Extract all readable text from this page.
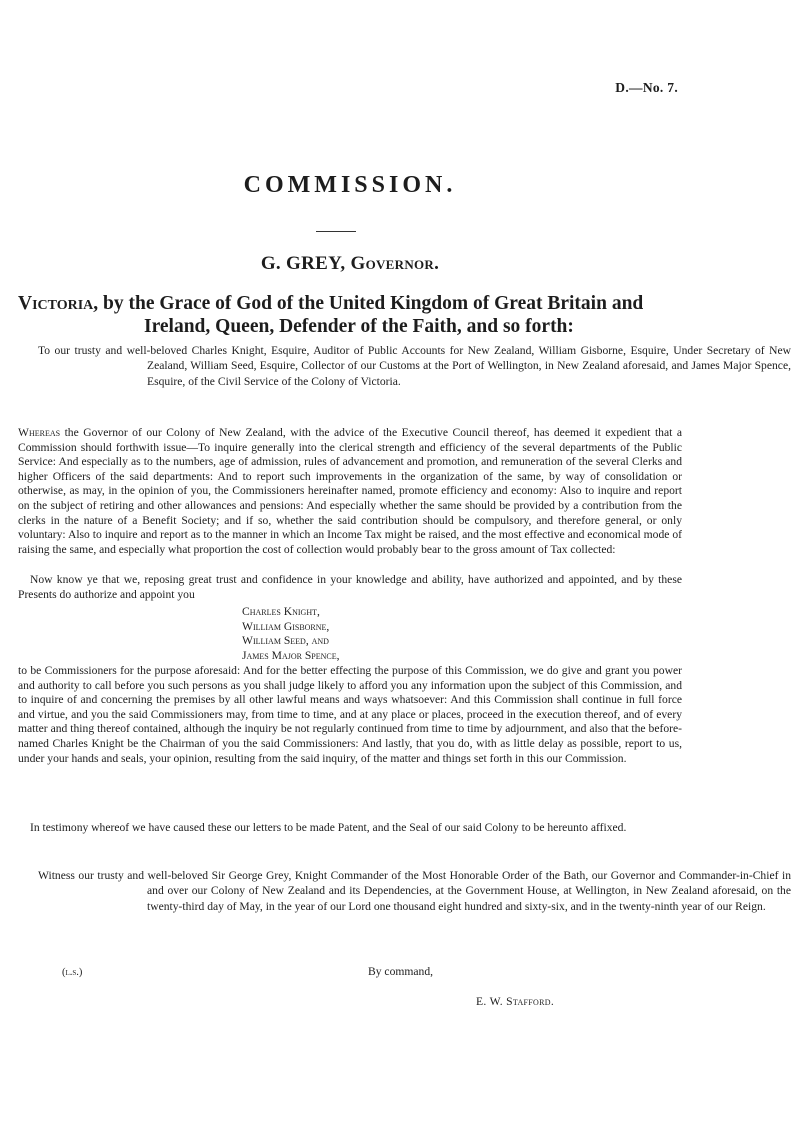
D.—No. 7.
COMMISSION.
G. GREY, Governor.
Victoria, by the Grace of God of the United Kingdom of Great Britain and
Ireland, Queen, Defender of the Faith, and so forth:

To our trusty and well-beloved Charles Knight, Esquire, Auditor of Public Accounts for New Zealand, William Gisborne, Esquire, Under Secretary of New Zealand, William Seed, Esquire, Collector of our Customs at the Port of Wellington, in New Zealand aforesaid, and James Major Spence, Esquire, of the Civil Service of the Colony of Victoria.

Whereas the Governor of our Colony of New Zealand, with the advice of the Executive Council thereof, has deemed it expedient that a Commission should forthwith issue—To inquire generally into the clerical strength and efficiency of the several departments of the Public Service: And especially as to the numbers, age of admission, rules of advancement and promotion, and remuneration of the several Clerks and higher Officers of the said departments: And to report such improvements in the organization of the same, by way of consolidation or otherwise, as may, in the opinion of you, the Commissioners hereinafter named, promote efficiency and economy: Also to inquire and report on the subject of retiring and other allowances and pensions: And especially whether the same should be provided by a contribution from the clerks in the nature of a Benefit Society; and if so, whether the said contribution should be compulsory, and therefore general, or only voluntary: Also to inquire and report as to the manner in which an Income Tax might be raised, and the most effective and economical mode of raising the same, and especially what proportion the cost of collection would probably bear to the gross amount of Tax collected:

Now know ye that we, reposing great trust and confidence in your knowledge and ability, have authorized and appointed, and by these Presents do authorize and appoint you

Charles Knight,
William Gisborne,
William Seed, and
James Major Spence,

to be Commissioners for the purpose aforesaid: And for the better effecting the purpose of this Commission, we do give and grant you power and authority to call before you such persons as you shall judge likely to afford you any information upon the subject of this Commission, and to inquire of and concerning the premises by all other lawful means and ways whatsoever: And this Commission shall continue in full force and virtue, and you the said Commissioners may, from time to time, and at any place or places, proceed in the execution thereof, and of every matter and thing thereof contained, although the inquiry be not regularly continued from time to time by adjournment, and also that the before-named Charles Knight be the Chairman of you the said Commissioners: And lastly, that you do, with as little delay as possible, report to us, under your hands and seals, your opinion, resulting from the said inquiry, of the matter and things set forth in this our Commission.

In testimony whereof we have caused these our letters to be made Patent, and the Seal of our said Colony to be hereunto affixed.

Witness our trusty and well-beloved Sir George Grey, Knight Commander of the Most Honorable Order of the Bath, our Governor and Commander-in-Chief in and over our Colony of New Zealand and its Dependencies, at the Government House, at Wellington, in New Zealand aforesaid, on the twenty-third day of May, in the year of our Lord one thousand eight hundred and sixty-six, and in the twenty-ninth year of our Reign.

(l.s.)	By command,
E. W. Stafford.
